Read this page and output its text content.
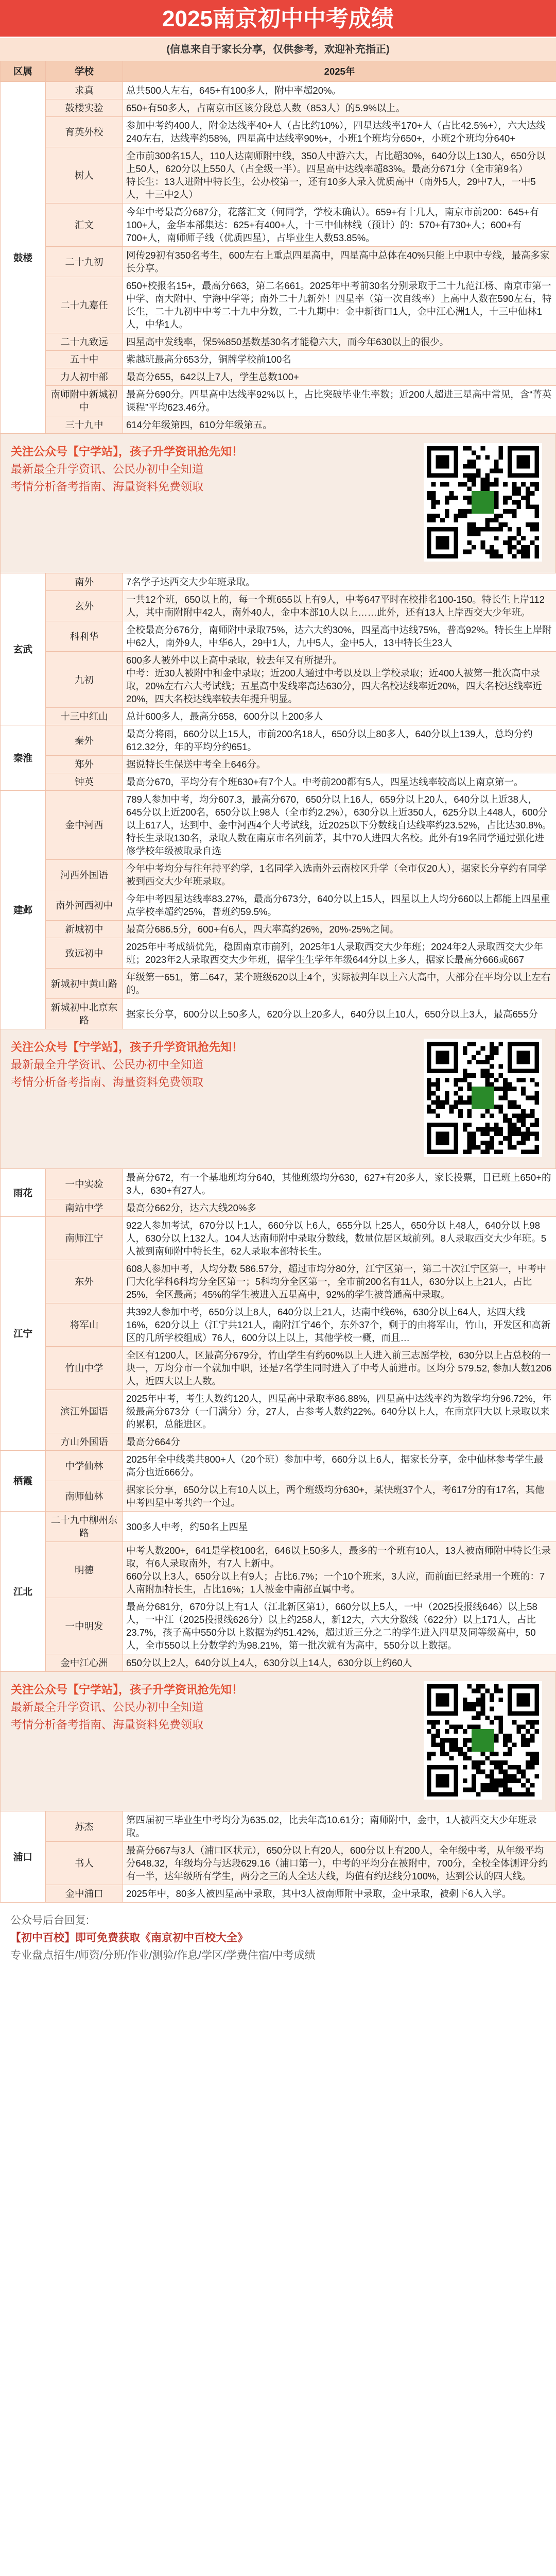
2025南京初中中考成绩
(信息来自于家长分享，仅供参考，欢迎补充指正)
区属	学校	2025年
鼓楼	求真	总共500人左右，645+有100多人，附中率超20%。
	鼓楼实验	650+有50多人，占南京市区该分段总人数（853人）的5.9%以上。
	育英外校	参加中考约400人，附金达线率40+人（占比约10%），四星达线率170+人（占比42.5%+），六大达线240左右，达线率约58%，四星高中达线率90%+，小班1个班均分650+，小班2个班均分640+
	树人	全市前300名15人，110人达南师附中线，350人中游六大，占比超30%，640分以上130人，650分以上50人，620分以上550人（占全级一半）。四星高中达线率超83%。最高分671分（全市第9名）
特长生：13人进附中特长生，公办校第一，还有10多人录入优质高中（南外5人，29中7人，一中5人，十三中2人）
	汇文	今年中考最高分687分，花落汇文（何同学，学校未确认）。659+有十几人，南京市前200：645+有100+人，金华本部集达：625+有400+人，十三中仙林线（预计）的：570+有730+人；600+有700+人，南师师子线（优质四星），占毕业生人数53.85%。
	二十九初	网传29初有350名考生，600左右上重点四星高中，四星高中总体在40%只能上中职中专线，最高多家长分享。
	二十九嘉任	650+校报名15+，最高分663，第二名661。2025年中考前30名分别录取于二十九范江杨、南京市第一中学、南大附中、宁海中学等；南外二十九新外！四星率（第一次自线率）上高中人数在590左右，特长生，二十九初中中考二十九中分数，二十九期中：金中新街口1人，金中江心洲1人，十三中仙林1人，中华1人。
	二十九致远	四星高中发线率，保5%850基数基30名才能稳六大，而今年630以上的很少。
	五十中	紫越班最高分653分，铜牌学校前100名
	力人初中部	最高分655，642以上7人，学生总数100+
	南师附中新城初中	最高分690分。四星高中达线率92%以上，占比突破毕业生率数；近200人超进三星高中常见，含“菁英课程”平均623.46分。
	三十九中	614分年级第四，610分年级第五。
关注公众号【宁学站】，孩子升学资讯抢先知！
最新最全升学资讯、公民办初中全知道
考情分析备考指南、海量资料免费领取
玄武	南外	7名学子达西交大少年班录取。
	玄外	一共12个班，650以上的，每一个班655以上有9人，中考647平时在校排名100-150。特长生上岸112人，其中南附附中42人，南外40人，金中本部10人以上……此外，还有13人上岸西交大少年班。
	科利华	全校最高分676分，南师附中录取75%，达六大约30%，四星高中达线75%，普高92%。特长生上岸附中62人，南外9人，中华6人，29中1人，九中5人，金中5人，13中特长生23人
	九初	600多人被外中以上高中录取，较去年又有所提升。
中考：近30人被附中和金中录取；近200人通过中考以及以上学校录取；近400人被第一批次高中录取，20%左右六大考试线；五星高中发线率高达630分，四大名校达线率近20%，四大名校达线率近20%，四大名校达线率较去年提升明显。
	十三中红山	总计600多人，最高分658，600分以上200多人
秦淮	秦外	最高分将雨，660分以上15人，市前200名18人，650分以上80多人，640分以上139人，总均分约612.32分，年的平均分约651。
	郑外	据说特长生保送中考全上646分。
	钟英	最高分670，平均分有个班630+有7个人。中考前200都有5人，四星达线率较高以上南京第一。
建邺	金中河西	789人参加中考，均分607.3，最高分670，650分以上16人，659分以上20人，640分以上近38人，645分以上近200名，650分以上98人（全市约2.2%），630分以上近350人，625分以上448人，600分以上617人，达到中、金中河西4个大考试线，近2025以下分数线自达线率约23.52%，占比达30.8%。
特长生录取130名，录取人数在南京市名列前茅，其中70人进四大名校。此外有19名同学通过强化进修学校年级被取录自选
	河西外国语	今年中考均分与往年持平约学，1名同学入选南外云南校区升学（全市仅20人），据家长分享约有同学被到西交大少年班录取。
	南外河西初中	今年中考四星达线率83.27%，最高分673分，640分以上15人，四星以上人均分660以上都能上四星重点学校率超约25%，普班约59.5%。
	新城初中	最高分686.5分，600+有6人，四大率高约26%，20%-25%之间。
	致远初中	2025年中考成绩优先，稳固南京市前列，2025年1人录取西交大少年班；2024年2人录取西交大少年班；2023年2人录取西交大少年班，据学生生学年年级644分以上多人，据家长最高分666或667
	新城初中黄山路	年级第一651，第二647，某个班级620以上4个，实际被判年以上六大高中，大部分在平均分以上左右的。
	新城初中北京东路	据家长分享，600分以上50多人，620分以上20多人，640分以上10人，650分以上3人，最高655分
关注公众号【宁学站】，孩子升学资讯抢先知！
最新最全升学资讯、公民办初中全知道
考情分析备考指南、海量资料免费领取
雨花	一中实验	最高分672，有一个基地班均分640，其他班级均分630，627+有20多人，家长投票，目已班上650+的3人，630+有27人。
	南站中学	最高分662分，达六大线20%多
江宁	南师江宁	922人参加考试，670分以上1人，660分以上6人，655分以上25人，650分以上48人，640分以上98人，630分以上132人。104人达南师附中录取分数线，数量位居区域前列。8人录取西交大少年班。5人被到南师附中特长生，62人录取本部特长生。
	东外	608人参加中考，人均分数 586.57分，超过市均分80分，江宁区第一，第二十次江宁区第一，中考中门大化学科6科均分全区第一；5科均分全区第一，全市前200名有11人，630分以上上21人，占比25%，全区最高；45%的学生被进入五星高中，92%的学生被普通高中录取。
	将军山	共392人参加中考，650分以上8人，640分以上21人，达南中线6%，630分以上64人，达四大线16%，620分以上（江宁共121人，南附江宁46个，东外37个，剩于的由将军山，竹山，开发区和高新区的几所学校组成）76人，600分以上以上，其他学校一概，而且…
	竹山中学	全区有1200人，区最高分679分，竹山学生有约60%以上人进入前三志愿学校，630分以上占总校的一块一，万均分市一个就加中职，还是7名学生同时进入了中考人前进市。区均分 579.52, 参加人数1206人，近四大以上人数。
	滨江外国语	2025年中考，考生人数约120人，四星高中录取率86.88%，四星高中达线率约为数学均分96.72%，年级最高分673分（一门满分）分，27人，占参考人数约22%。640分以上人，在南京四大以上录取以来的累积，总能进区。
	方山外国语	最高分664分
栖霞	中学仙林	2025年全中线类共800+人（20个班）参加中考，660分以上6人，据家长分享，金中仙林参考学生最高分也近666分。
	南师仙林	据家长分享，650分以上有10人以上，两个班级均分630+，某快班37个人，考617分的有17名，其他中考四星中考共约一个过。
江北	二十九中柳州东路	300多人中考，约50名上四星
	明德	中考人数200+，641是学校100名，646以上50多人，最多的一个班有10人，13人被南师附中特长生录取，有6人录取南外，有7人上新中。
660分以上3人，650分以上有9人；占比6.7%；一个10个班来，3人应，而前面已经录用一个班的：7人南附加特长生，占比16%；1人被金中南部直属中考。
	一中明发	最高分681分，670分以上有1人（江北新区第1），660分以上5人，一中（2025投报线646）以上58人，一中江（2025投报线626分）以上约258人，新12大，六大分数线（622分）以上171人，占比23.7%，孩子高中550分以上数据为约51.42%，超过近三分之二的学生进入四星及同等级高中，50人，全市550以上分数学约为98.21%，第一批次就有为高中，550分以上数据。
	金中江心洲	650分以上2人，640分以上4人，630分以上14人，630分以上约60人
关注公众号【宁学站】，孩子升学资讯抢先知！
最新最全升学资讯、公民办初中全知道
考情分析备考指南、海量资料免费领取
浦口	苏杰	第四届初三毕业生中考均分为635.02，比去年高10.61分；南师附中，金中，1人被西交大少年班录取。
	书人	最高分667与3人（浦口区状元），650分以上有20人，600分以上有200人，全年级中考，从年级平均分648.32，年级均分与达段629.16（浦口第一），中考的平均分在被附中，700分，全校全体测评分约有一半，达年级所有学生，两分之三的人全达大线，均值有约达线分100%，达到公认的四大线。
	金中浦口	2025年中，80多人被四星高中录取，其中3人被南师附中录取，金中录取，被剩下6人入学。
公众号后台回复:
【初中百校】即可免费获取《南京初中百校大全》
专业盘点招生/师资/分班/作业/测验/作息/学区/学费住宿/中考成绩
